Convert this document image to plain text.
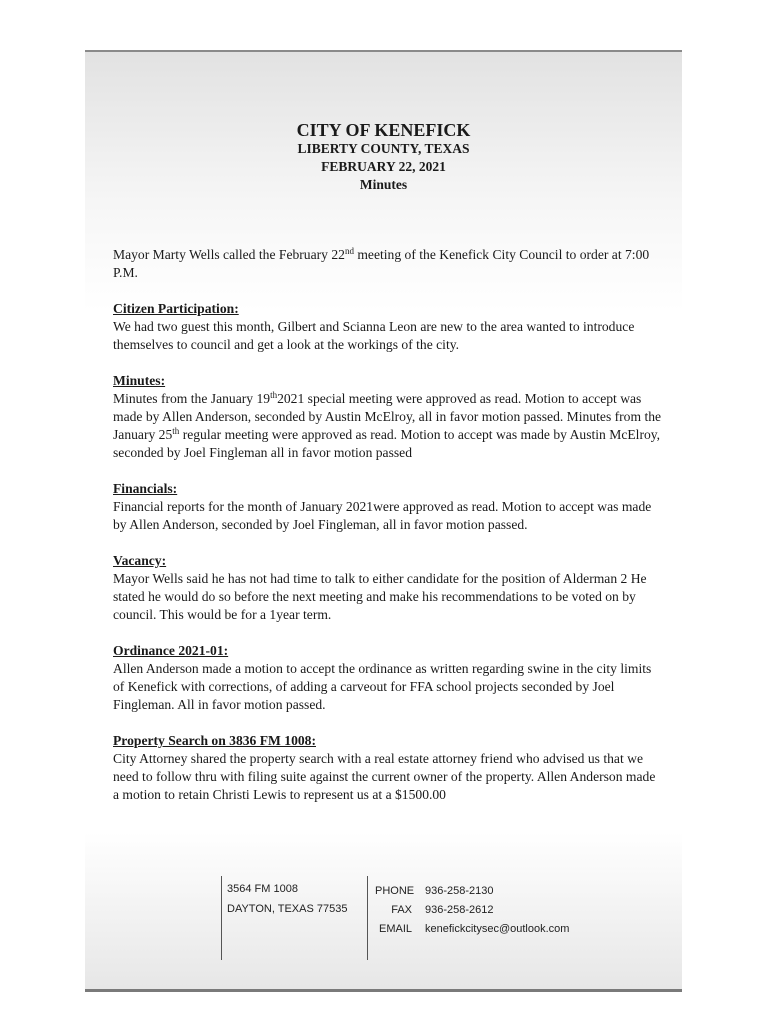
CITY OF KENEFICK
LIBERTY COUNTY, TEXAS
FEBRUARY 22, 2021
Minutes

Mayor Marty Wells called the February 22nd meeting of the Kenefick City Council to order at 7:00 P.M.

Citizen Participation:

We had two guest this month, Gilbert and Scianna Leon are new to the area wanted to introduce themselves to council and get a look at the workings of the city.

Minutes:

Minutes from the January 19th2021 special meeting were approved as read. Motion to accept was made by Allen Anderson, seconded by Austin McElroy, all in favor motion passed. Minutes from the January 25th regular meeting were approved as read. Motion to accept was made by Austin McElroy, seconded by Joel Fingleman all in favor motion passed

Financials:

Financial reports for the month of January 2021were approved as read. Motion to accept was made by Allen Anderson, seconded by Joel Fingleman, all in favor motion passed.

Vacancy:

Mayor Wells said he has not had time to talk to either candidate for the position of Alderman 2 He stated he would do so before the next meeting and make his recommendations to be voted on by council. This would be for a 1year term.

Ordinance 2021-01:

Allen Anderson made a motion to accept the ordinance as written regarding swine in the city limits of Kenefick with corrections, of adding a carveout for FFA school projects seconded by Joel Fingleman. All in favor motion passed.

Property Search on 3836 FM 1008:

City Attorney shared the property search with a real estate attorney friend who advised us that we need to follow thru with filing suite against the current owner of the property. Allen Anderson made a motion to retain Christi Lewis to represent us at a $1500.00

3564 FM 1008
DAYTON, TEXAS 77535
PHONE 936-258-2130
FAX 936-258-2612
EMAIL kenefickcitysec@outlook.com
